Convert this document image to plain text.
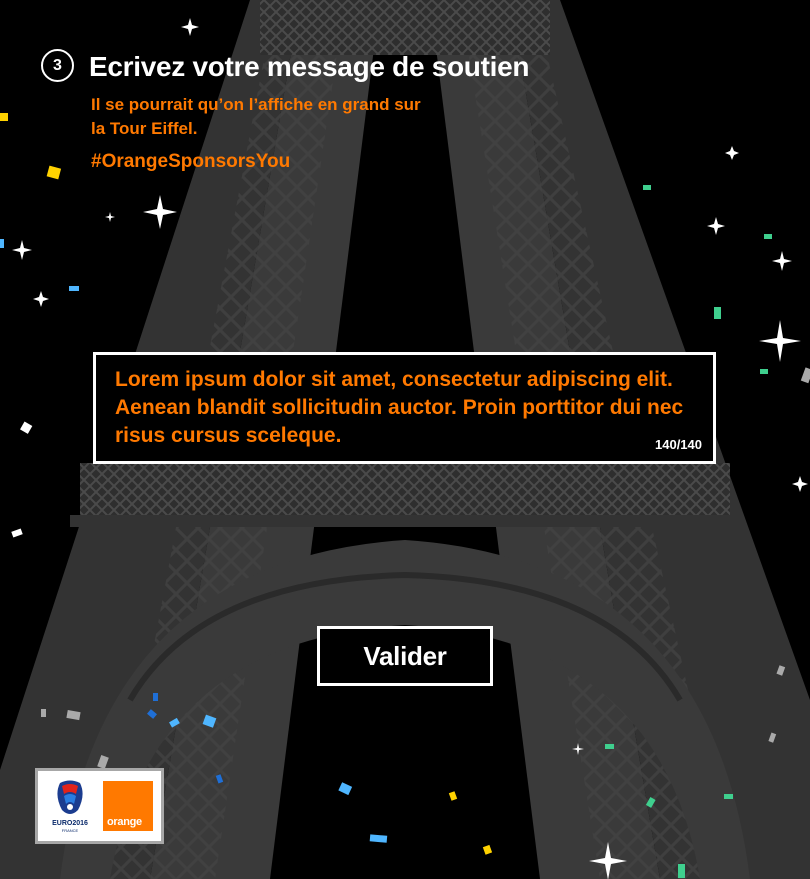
3 Ecrivez votre message de soutien
Il se pourrait qu’on l’affiche en grand sur la Tour Eiffel.
#OrangeSponsorsYou
Lorem ipsum dolor sit amet, consectetur adipiscing elit. Aenean blandit sollicitudin auctor. Proin porttitor dui nec risus cursus sceleque.	140/140
Valider
EURO2016
FRANCE
orange
